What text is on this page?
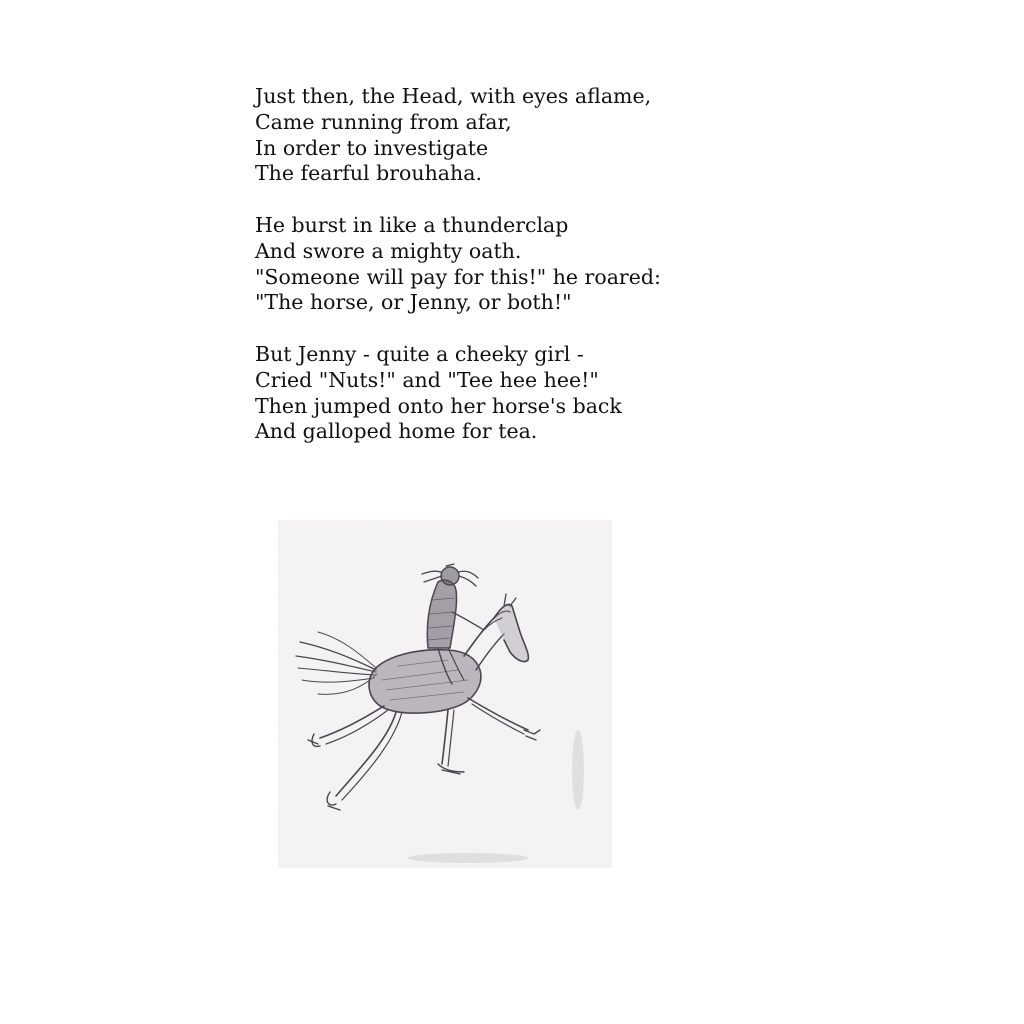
Just then, the Head, with eyes aflame,
Came running from afar,
In order to investigate
The fearful brouhaha.
He burst in like a thunderclap
And swore a mighty oath.
"Someone will pay for this!" he roared:
"The horse, or Jenny, or both!"
But Jenny - quite a cheeky girl -
Cried "Nuts!" and "Tee hee hee!"
Then jumped onto her horse's back
And galloped home for tea.
